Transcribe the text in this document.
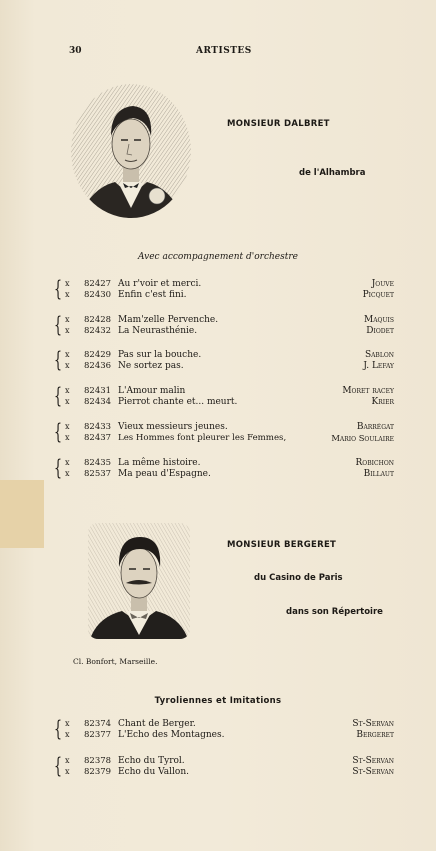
30	ARTISTES
MONSIEUR DALBRET
de l'Alhambra
Avec accompagnement d'orchestre
{ x 82427 Au r'voir et merci.	Jouve
x 82430 Enfin c'est fini.	Picquet
{ x 82428 Mam'zelle Pervenche.	Maquis
x 82432 La Neurasthénie.	Diodet
{ x 82429 Pas sur la bouche.	Sablon
x 82436 Ne sortez pas.	J. Lefay
{ x 82431 L'Amour malin	Moret racey
x 82434 Pierrot chante et... meurt.	Krier
{ x 82433 Vieux messieurs jeunes.	Barrégat
x 82437 Les Hommes font pleurer les Femmes,	Mario Soulaire
{ x 82435 La même histoire.	Robichon
x 82537 Ma peau d'Espagne.	Billaut
MONSIEUR BERGERET
du Casino de Paris
dans son Répertoire
Cl. Bonfort, Marseille.
Tyroliennes et Imitations
{ x 82374 Chant de Berger.	St-Servan
x 82377 L'Echo des Montagnes.	Bergeret
{ x 82378 Echo du Tyrol.	St-Servan
x 82379 Echo du Vallon.	St-Servan
